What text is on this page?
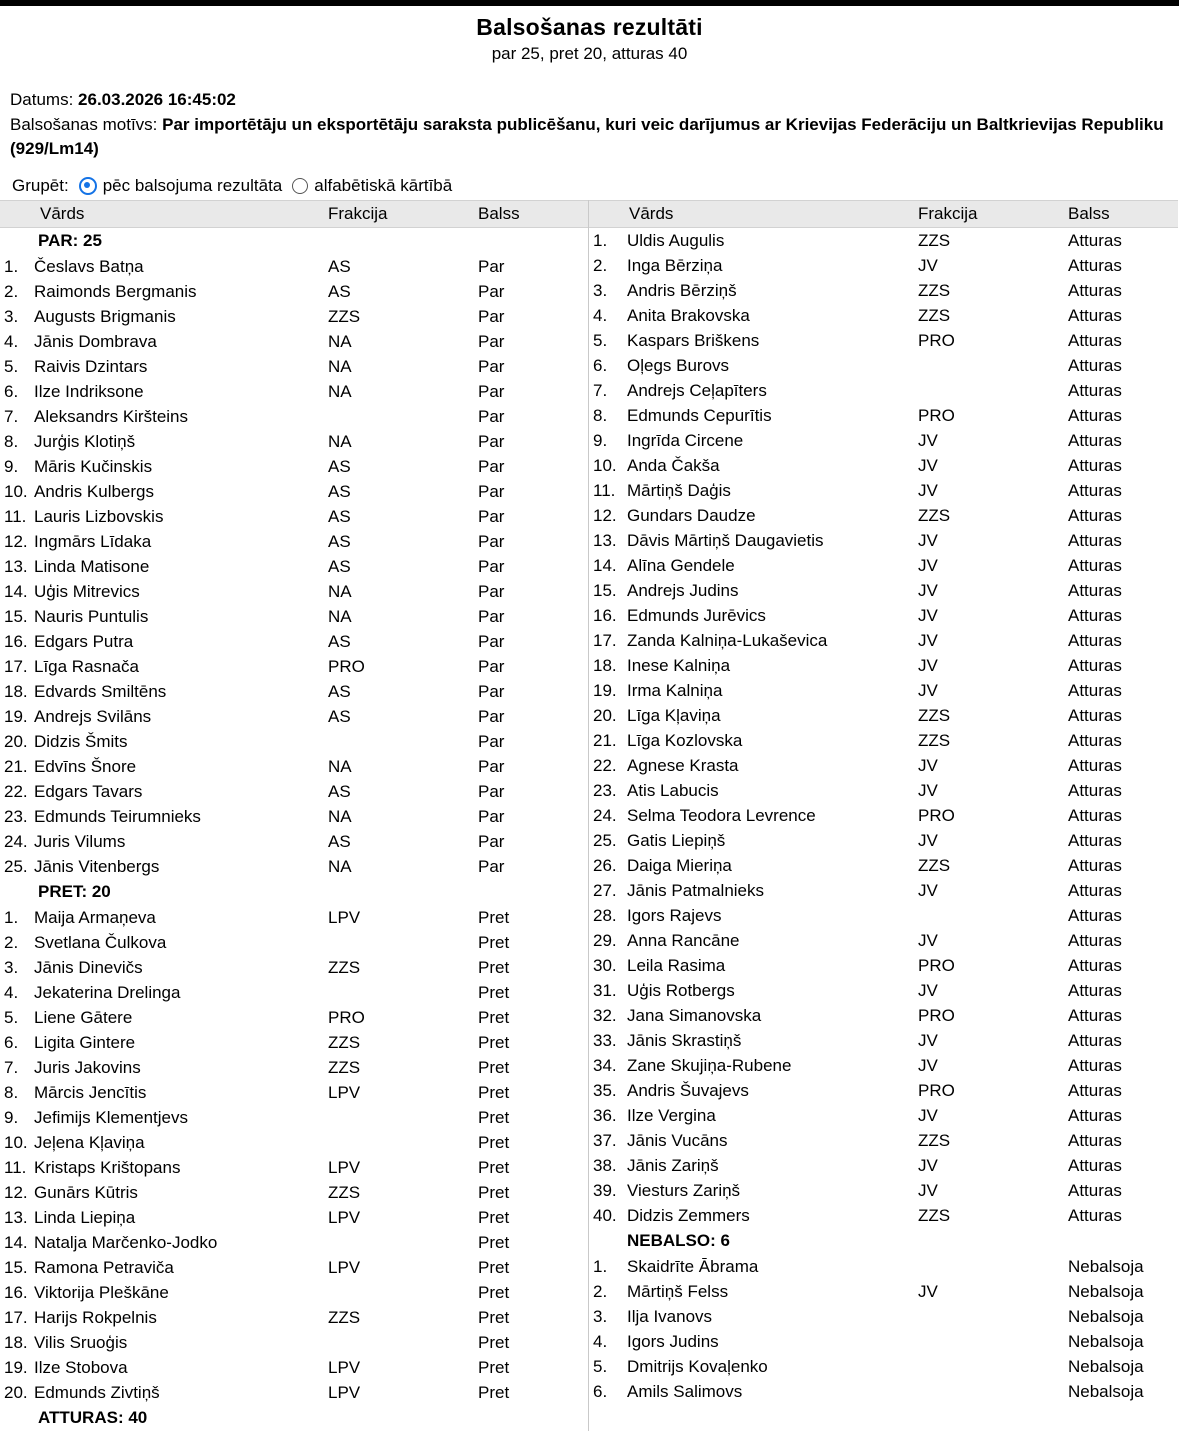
Balsošanas rezultāti
par 25, pret 20, atturas 40
Datums: 26.03.2026 16:45:02
Balsošanas motīvs: Par importētāju un eksportētāju saraksta publicēšanu, kuri veic darījumus ar Krievijas Federāciju un Baltkrievijas Republiku (929/Lm14)
Grupēt: pēc balsojuma rezultāta alfabētiskā kārtībā
Vārds	Frakcija	Balss
PAR: 25
1. Česlavs Batņa	AS	Par
2. Raimonds Bergmanis	AS	Par
3. Augusts Brigmanis	ZZS	Par
4. Jānis Dombrava	NA	Par
5. Raivis Dzintars	NA	Par
6. Ilze Indriksone	NA	Par
7. Aleksandrs Kiršteins	Par
8. Jurģis Klotiņš	NA	Par
9. Māris Kučinskis	AS	Par
10. Andris Kulbergs	AS	Par
11. Lauris Lizbovskis	AS	Par
12. Ingmārs Līdaka	AS	Par
13. Linda Matisone	AS	Par
14. Uģis Mitrevics	NA	Par
15. Nauris Puntulis	NA	Par
16. Edgars Putra	AS	Par
17. Līga Rasnača	PRO	Par
18. Edvards Smiltēns	AS	Par
19. Andrejs Svilāns	AS	Par
20. Didzis Šmits	Par
21. Edvīns Šnore	NA	Par
22. Edgars Tavars	AS	Par
23. Edmunds Teirumnieks	NA	Par
24. Juris Vilums	AS	Par
25. Jānis Vitenbergs	NA	Par
PRET: 20
1. Maija Armaņeva	LPV	Pret
2. Svetlana Čulkova	Pret
3. Jānis Dinevičs	ZZS	Pret
4. Jekaterina Drelinga	Pret
5. Liene Gātere	PRO	Pret
6. Ligita Gintere	ZZS	Pret
7. Juris Jakovins	ZZS	Pret
8. Mārcis Jencītis	LPV	Pret
9. Jefimijs Klementjevs	Pret
10. Jeļena Kļaviņa	Pret
11. Kristaps Krištopans	LPV	Pret
12. Gunārs Kūtris	ZZS	Pret
13. Linda Liepiņa	LPV	Pret
14. Natalja Marčenko-Jodko	Pret
15. Ramona Petraviča	LPV	Pret
16. Viktorija Pleškāne	Pret
17. Harijs Rokpelnis	ZZS	Pret
18. Vilis Sruoģis	Pret
19. Ilze Stobova	LPV	Pret
20. Edmunds Zivtiņš	LPV	Pret
ATTURAS: 40
Vārds	Frakcija	Balss
1.	Uldis Augulis	ZZS	Atturas
2.	Inga Bērziņa	JV	Atturas
3.	Andris Bērziņš	ZZS	Atturas
4.	Anita Brakovska	ZZS	Atturas
5.	Kaspars Briškens	PRO	Atturas
6.	Oļegs Burovs	Atturas
7.	Andrejs Ceļapīters	Atturas
8.	Edmunds Cepurītis	PRO	Atturas
9.	Ingrīda Circene	JV	Atturas
10. Anda Čakša	JV	Atturas
11. Mārtiņš Daģis	JV	Atturas
12. Gundars Daudze	ZZS	Atturas
13. Dāvis Mārtiņš Daugavietis	JV	Atturas
14. Alīna Gendele	JV	Atturas
15. Andrejs Judins	JV	Atturas
16. Edmunds Jurēvics	JV	Atturas
17. Zanda Kalniņa-Lukaševica	JV	Atturas
18. Inese Kalniņa	JV	Atturas
19. Irma Kalniņa	JV	Atturas
20. Līga Kļaviņa	ZZS	Atturas
21. Līga Kozlovska	ZZS	Atturas
22. Agnese Krasta	JV	Atturas
23. Atis Labucis	JV	Atturas
24. Selma Teodora Levrence	PRO	Atturas
25. Gatis Liepiņš	JV	Atturas
26. Daiga Mieriņa	ZZS	Atturas
27. Jānis Patmalnieks	JV	Atturas
28. Igors Rajevs	Atturas
29. Anna Rancāne	JV	Atturas
30. Leila Rasima	PRO	Atturas
31. Uģis Rotbergs	JV	Atturas
32. Jana Simanovska	PRO	Atturas
33. Jānis Skrastiņš	JV	Atturas
34. Zane Skujiņa-Rubene	JV	Atturas
35. Andris Šuvajevs	PRO	Atturas
36. Ilze Vergina	JV	Atturas
37. Jānis Vucāns	ZZS	Atturas
38. Jānis Zariņš	JV	Atturas
39. Viesturs Zariņš	JV	Atturas
40. Didzis Zemmers	ZZS	Atturas
NEBALSO: 6
1.	Skaidrīte Ābrama	Nebalsoja
2.	Mārtiņš Felss	JV	Nebalsoja
3.	Ilja Ivanovs	Nebalsoja
4.	Igors Judins	Nebalsoja
5.	Dmitrijs Kovaļenko	Nebalsoja
6.	Amils Salimovs	Nebalsoja
